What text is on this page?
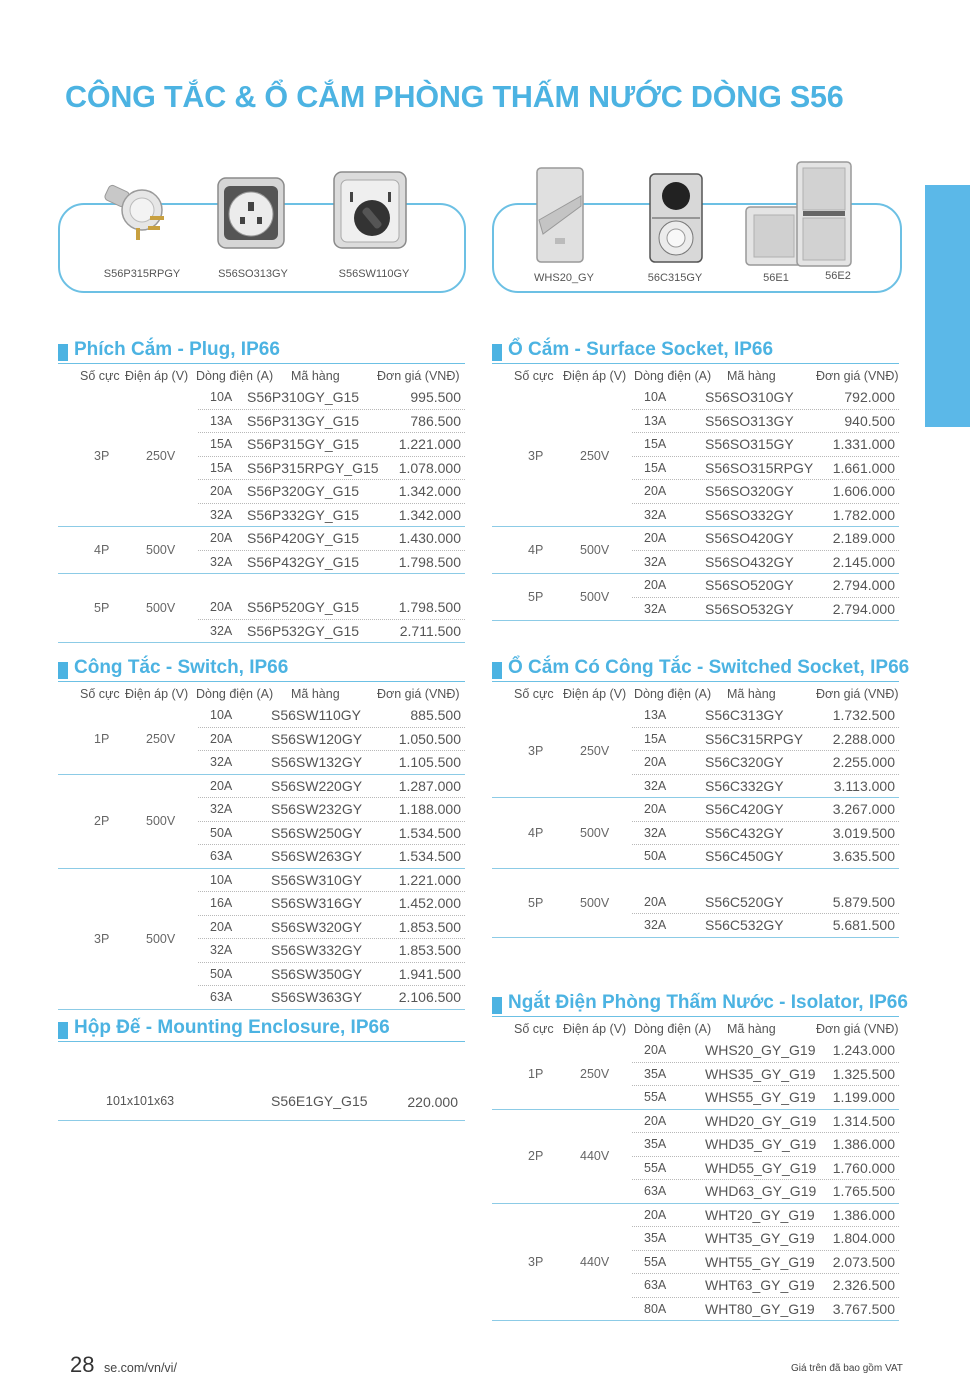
CÔNG TẮC & Ổ CẮM PHÒNG THẤM NƯỚC DÒNG S56
S56P315RPGY	S56SO313GY	S56SW110GY	WHS20_GY	56C315GY	56E1	56E2
Phích Cắm - Plug, IP66
Số cực Điện áp (V) Dòng điện (A) Mã hàng	Đơn giá (VNĐ)
3P	250V
10A S56P310GY_G15	995.500
13A S56P313GY_G15	786.500
15A S56P315GY_G15	1.221.000
15A S56P315RPGY_G15 1.078.000
20A S56P320GY_G15	1.342.000
32A S56P332GY_G15	1.342.000
4P	500V
20A S56P420GY_G15	1.430.000
32A S56P432GY_G15	1.798.500
5P	500V	20A S56P520GY_G15	1.798.500
32A S56P532GY_G15	2.711.500
Ổ Cắm - Surface Socket, IP66
Số cực Điện áp (V) Dòng điện (A) Mã hàng	Đơn giá (VNĐ)
3P	250V
10A	S56SO310GY	792.000
13A	S56SO313GY	940.500
15A	S56SO315GY	1.331.000
15A	S56SO315RPGY 1.661.000
20A	S56SO320GY	1.606.000
32A	S56SO332GY	1.782.000
4P	500V
20A	S56SO420GY	2.189.000
32A	S56SO432GY	2.145.000
5P	500V
20A	S56SO520GY	2.794.000
32A	S56SO532GY	2.794.000
Công Tắc - Switch, IP66
Số cực Điện áp (V) Dòng điện (A) Mã hàng	Đơn giá (VNĐ)
1P	250V
10A	S56SW110GY	885.500
20A	S56SW120GY	1.050.500
32A	S56SW132GY	1.105.500
2P	500V
20A	S56SW220GY	1.287.000
32A	S56SW232GY	1.188.000
50A	S56SW250GY	1.534.500
63A	S56SW263GY	1.534.500
3P	500V
10A	S56SW310GY	1.221.000
16A	S56SW316GY	1.452.000
20A	S56SW320GY	1.853.500
32A	S56SW332GY	1.853.500
50A	S56SW350GY	1.941.500
63A	S56SW363GY	2.106.500
Ổ Cắm Có Công Tắc - Switched Socket, IP66
Số cực Điện áp (V) Dòng điện (A) Mã hàng	Đơn giá (VNĐ)
3P	250V
13A	S56C313GY	1.732.500
15A	S56C315RPGY 2.288.000
20A	S56C320GY	2.255.000
32A	S56C332GY	3.113.000
4P	500V
20A	S56C420GY	3.267.000
32A	S56C432GY	3.019.500
50A	S56C450GY	3.635.500
5P	500V	20A	S56C520GY	5.879.500
32A	S56C532GY	5.681.500
Ngắt Điện Phòng Thấm Nước - Isolator, IP66
Số cực Điện áp (V) Dòng điện (A) Mã hàng	Đơn giá (VNĐ)
1P	250V
20A	WHS20_GY_G19 1.243.000
35A	WHS35_GY_G19 1.325.500
55A	WHS55_GY_G19 1.199.000
2P	440V
20A	WHD20_GY_G19 1.314.500
35A	WHD35_GY_G19 1.386.000
55A	WHD55_GY_G19 1.760.000
63A	WHD63_GY_G19 1.765.500
3P	440V
20A	WHT20_GY_G19 1.386.000
35A	WHT35_GY_G19 1.804.000
55A	WHT55_GY_G19 2.073.500
63A	WHT63_GY_G19 2.326.500
80A	WHT80_GY_G19 3.767.500
Hộp Đế - Mounting Enclosure, IP66
101x101x63	S56E1GY_G15	220.000
28 se.com/vn/vi/	Giá trên đã bao gồm VAT
